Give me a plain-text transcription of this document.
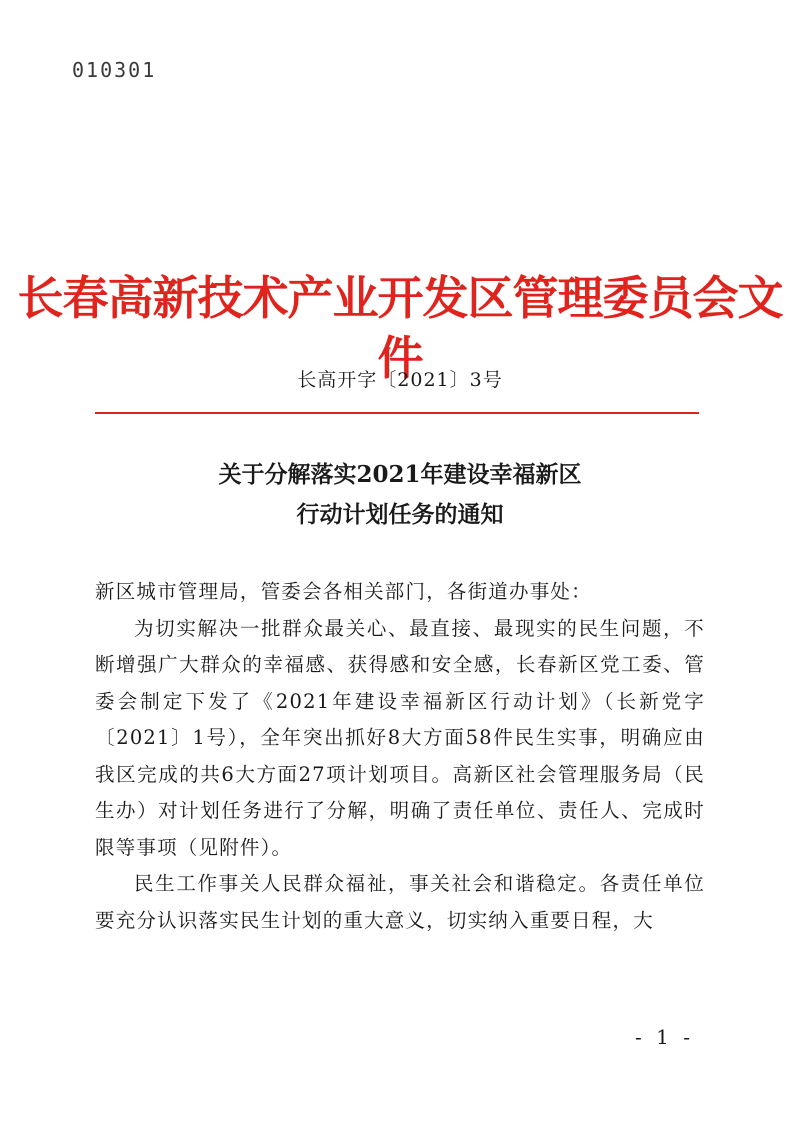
010301
长春高新技术产业开发区管理委员会文件
长高开字〔2021〕3号
关于分解落实2021年建设幸福新区
行动计划任务的通知

新区城市管理局，管委会各相关部门，各街道办事处：

为切实解决一批群众最关心、最直接、最现实的民生问题，不断增强广大群众的幸福感、获得感和安全感，长春新区党工委、管委会制定下发了《2021年建设幸福新区行动计划》（长新党字〔2021〕1号），全年突出抓好8大方面58件民生实事，明确应由我区完成的共6大方面27项计划项目。高新区社会管理服务局（民生办）对计划任务进行了分解，明确了责任单位、责任人、完成时限等事项（见附件）。

民生工作事关人民群众福祉，事关社会和谐稳定。各责任单位要充分认识落实民生计划的重大意义，切实纳入重要日程，大

- 1 -
